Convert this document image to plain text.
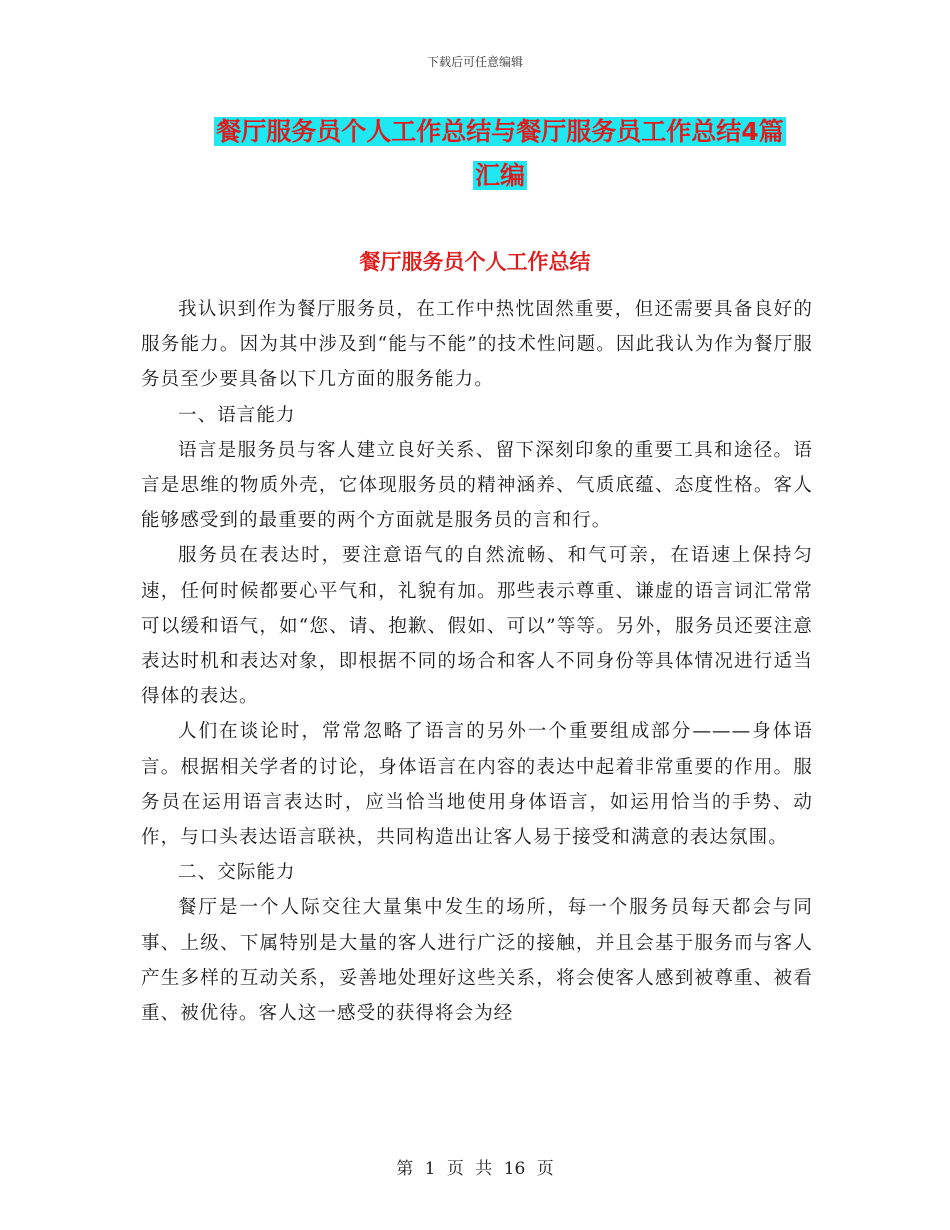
下载后可任意编辑
餐厅服务员个人工作总结与餐厅服务员工作总结4篇
汇编
餐厅服务员个人工作总结

我认识到作为餐厅服务员，在工作中热忱固然重要，但还需要具备良好的服务能力。因为其中涉及到“能与不能”的技术性问题。因此我认为作为餐厅服务员至少要具备以下几方面的服务能力。

一、语言能力

语言是服务员与客人建立良好关系、留下深刻印象的重要工具和途径。语言是思维的物质外壳，它体现服务员的精神涵养、气质底蕴、态度性格。客人能够感受到的最重要的两个方面就是服务员的言和行。

服务员在表达时，要注意语气的自然流畅、和气可亲，在语速上保持匀速，任何时候都要心平气和，礼貌有加。那些表示尊重、谦虚的语言词汇常常可以缓和语气，如“您、请、抱歉、假如、可以”等等。另外，服务员还要注意表达时机和表达对象，即根据不同的场合和客人不同身份等具体情况进行适当得体的表达。

人们在谈论时，常常忽略了语言的另外一个重要组成部分———身体语言。根据相关学者的讨论，身体语言在内容的表达中起着非常重要的作用。服务员在运用语言表达时，应当恰当地使用身体语言，如运用恰当的手势、动作，与口头表达语言联袂，共同构造出让客人易于接受和满意的表达氛围。

二、交际能力

餐厅是一个人际交往大量集中发生的场所，每一个服务员每天都会与同事、上级、下属特别是大量的客人进行广泛的接触，并且会基于服务而与客人产生多样的互动关系，妥善地处理好这些关系，将会使客人感到被尊重、被看重、被优待。客人这一感受的获得将会为经

第 1 页 共 16 页
